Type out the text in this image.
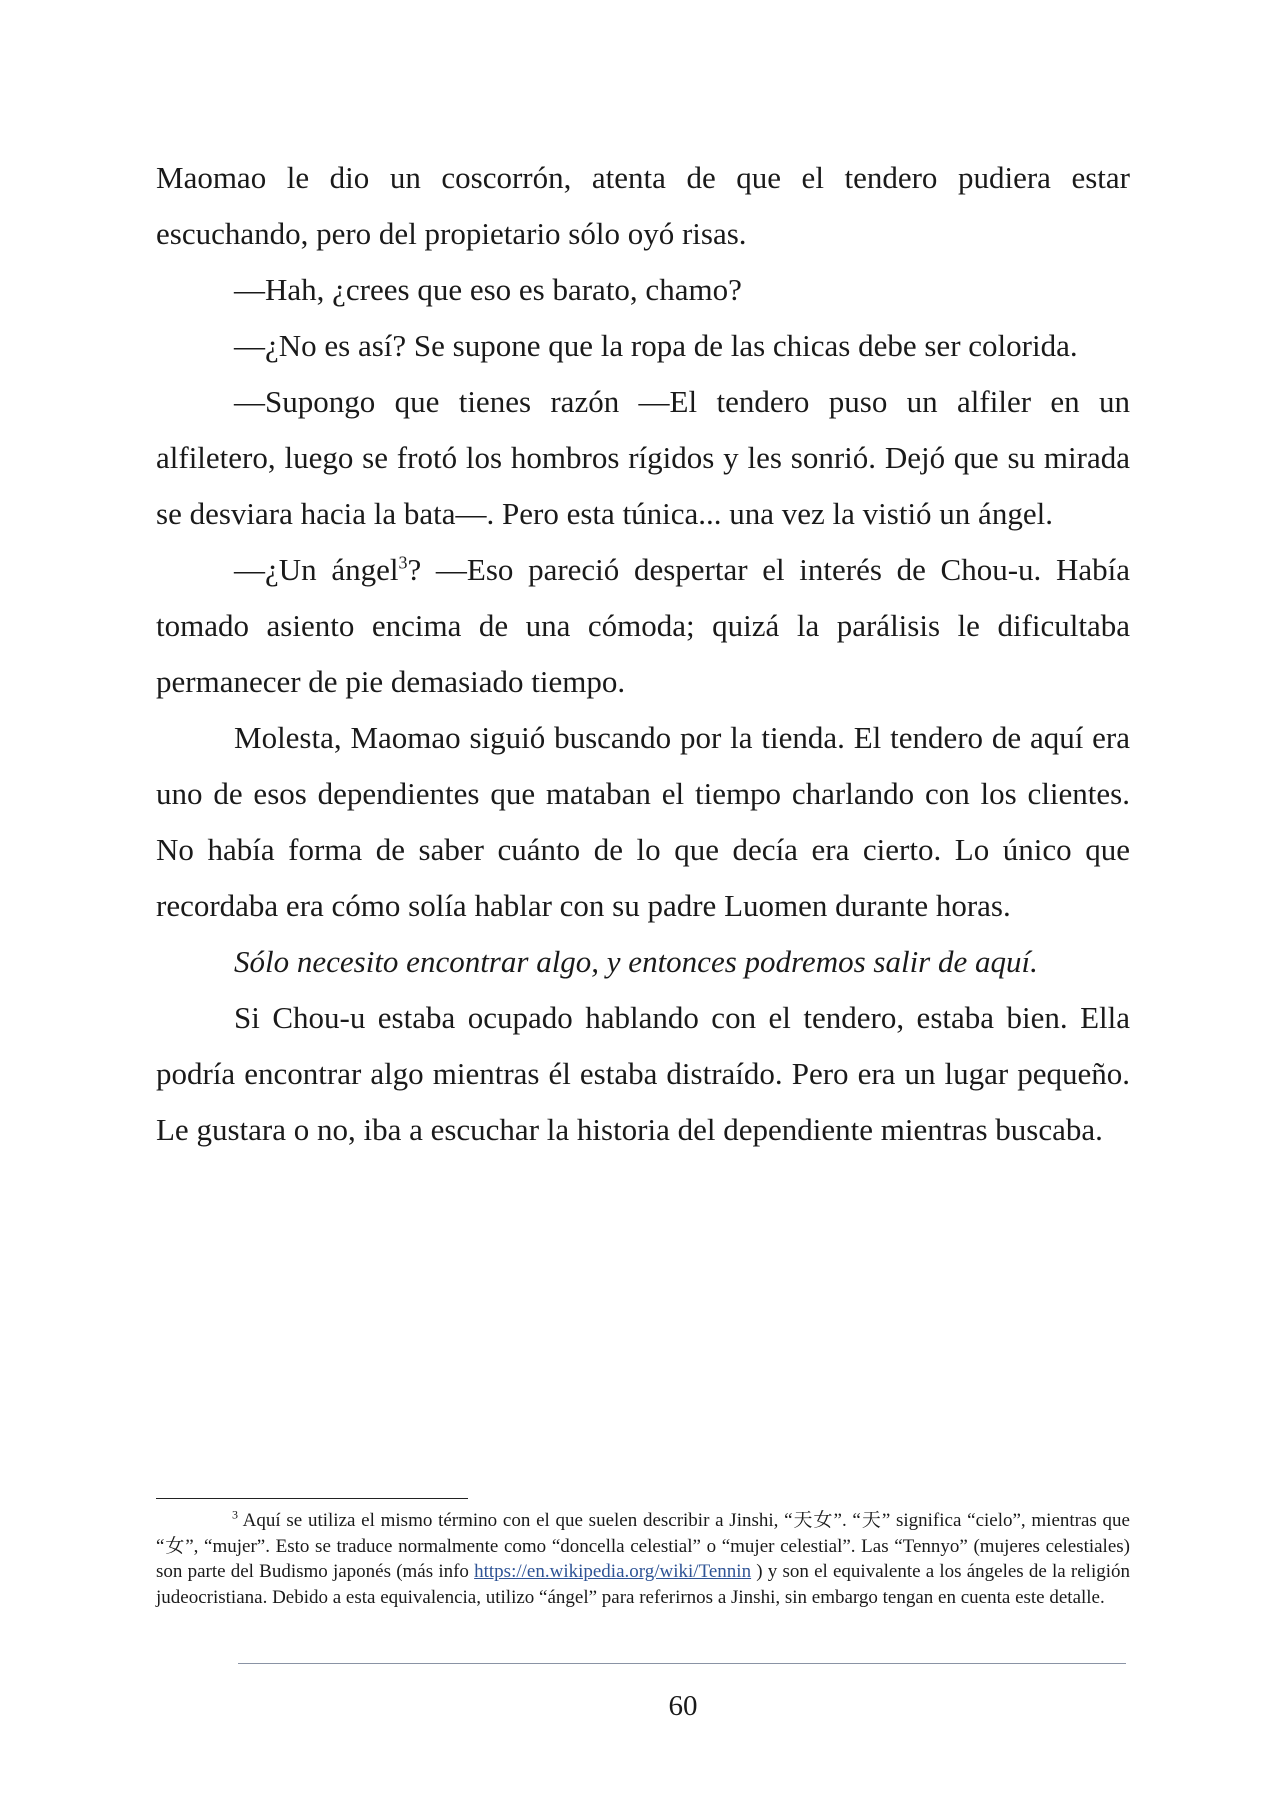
Maomao le dio un coscorrón, atenta de que el tendero pudiera estar escuchando, pero del propietario sólo oyó risas.

—Hah, ¿crees que eso es barato, chamo?

—¿No es así? Se supone que la ropa de las chicas debe ser colorida.

—Supongo que tienes razón —El tendero puso un alfiler en un alfiletero, luego se frotó los hombros rígidos y les sonrió. Dejó que su mirada se desviara hacia la bata—. Pero esta túnica... una vez la vistió un ángel.

—¿Un ángel$^3$? —Eso pareció despertar el interés de Chou-u. Había tomado asiento encima de una cómoda; quizá la parálisis le dificultaba permanecer de pie demasiado tiempo.

Molesta, Maomao siguió buscando por la tienda. El tendero de aquí era uno de esos dependientes que mataban el tiempo charlando con los clientes. No había forma de saber cuánto de lo que decía era cierto. Lo único que recordaba era cómo solía hablar con su padre Luomen durante horas.

Sólo necesito encontrar algo, y entonces podremos salir de aquí.

Si Chou-u estaba ocupado hablando con el tendero, estaba bien. Ella podría encontrar algo mientras él estaba distraído. Pero era un lugar pequeño. Le gustara o no, iba a escuchar la historia del dependiente mientras buscaba.

$^3$ Aquí se utiliza el mismo término con el que suelen describir a Jinshi, “天女”. “天” significa “cielo”, mientras que “女”, “mujer”. Esto se traduce normalmente como “doncella celestial” o “mujer celestial”. Las “Tennyo” (mujeres celestiales) son parte del Budismo japonés (más info https://en.wikipedia.org/wiki/Tennin ) y son el equivalente a los ángeles de la religión judeocristiana. Debido a esta equivalencia, utilizo “ángel” para referirnos a Jinshi, sin embargo tengan en cuenta este detalle.

60
